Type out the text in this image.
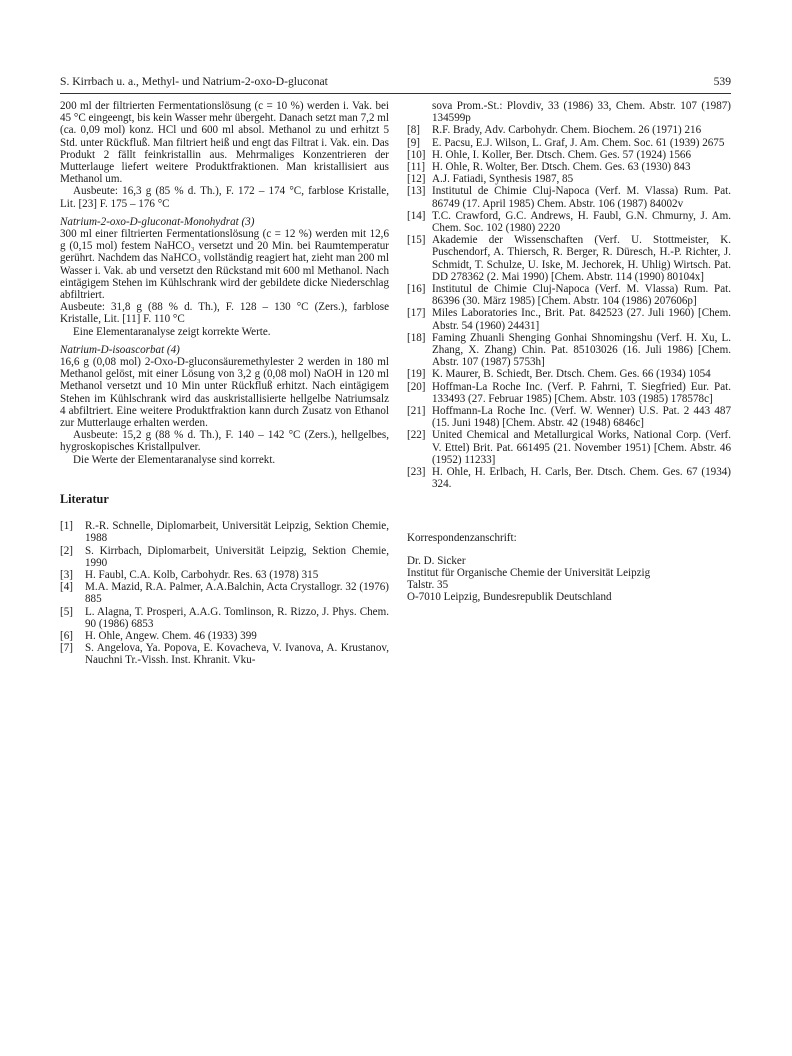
S. Kirrbach u. a., Methyl- und Natrium-2-oxo-D-gluconat	539

200 ml der filtrierten Fermentationslösung (c = 10 %) werden i. Vak. bei 45 °C eingeengt, bis kein Wasser mehr übergeht. Danach setzt man 7,2 ml (ca. 0,09 mol) konz. HCl und 600 ml absol. Methanol zu und erhitzt 5 Std. unter Rückfluß. Man filtriert heiß und engt das Filtrat i. Vak. ein. Das Produkt 2 fällt feinkristallin aus. Mehrmaliges Konzentrieren der Mutterlauge liefert weitere Produktfraktionen. Man kristallisiert aus Methanol um.

Ausbeute: 16,3 g (85 % d. Th.), F. 172 – 174 °C, farblose Kristalle, Lit. [23] F. 175 – 176 °C

Natrium-2-oxo-D-gluconat-Monohydrat (3)

300 ml einer filtrierten Fermentationslösung (c = 12 %) werden mit 12,6 g (0,15 mol) festem NaHCO₃ versetzt und 20 Min. bei Raumtemperatur gerührt. Nachdem das NaHCO₃ vollständig reagiert hat, zieht man 200 ml Wasser i. Vak. ab und versetzt den Rückstand mit 600 ml Methanol. Nach eintägigem Stehen im Kühlschrank wird der gebildete dicke Niederschlag abfiltriert.

Ausbeute: 31,8 g (88 % d. Th.), F. 128 – 130 °C (Zers.), farblose Kristalle, Lit. [11] F. 110 °C

Eine Elementaranalyse zeigt korrekte Werte.

Natrium-D-isoascorbat (4)

16,6 g (0,08 mol) 2-Oxo-D-gluconsäuremethylester 2 werden in 180 ml Methanol gelöst, mit einer Lösung von 3,2 g (0,08 mol) NaOH in 120 ml Methanol versetzt und 10 Min unter Rückfluß erhitzt. Nach eintägigem Stehen im Kühlschrank wird das auskristallisierte hellgelbe Natriumsalz 4 abfiltriert. Eine weitere Produktfraktion kann durch Zusatz von Ethanol zur Mutterlauge erhalten werden.

Ausbeute: 15,2 g (88 % d. Th.), F. 140 – 142 °C (Zers.), hellgelbes, hygroskopisches Kristallpulver.

Die Werte der Elementaranalyse sind korrekt.

Literatur
[1]	R.-R. Schnelle, Diplomarbeit, Universität Leipzig, Sektion Chemie, 1988
[2]	S. Kirrbach, Diplomarbeit, Universität Leipzig, Sektion Chemie, 1990
[3]	H. Faubl, C.A. Kolb, Carbohydr. Res. 63 (1978) 315
[4]	M.A. Mazid, R.A. Palmer, A.A.Balchin, Acta Crystallogr. 32 (1976) 885
[5]	L. Alagna, T. Prosperi, A.A.G. Tomlinson, R. Rizzo, J. Phys. Chem. 90 (1986) 6853
[6]	H. Ohle, Angew. Chem. 46 (1933) 399
[7]	S. Angelova, Ya. Popova, E. Kovacheva, V. Ivanova, A. Krustanov, Nauchni Tr.-Vissh. Inst. Khranit. Vku-
sova Prom.-St.: Plovdiv, 33 (1986) 33, Chem. Abstr. 107 (1987) 134599p
[8]	R.F. Brady, Adv. Carbohydr. Chem. Biochem. 26 (1971) 216
[9]	E. Pacsu, E.J. Wilson, L. Graf, J. Am. Chem. Soc. 61 (1939) 2675
[10] H. Ohle, I. Koller, Ber. Dtsch. Chem. Ges. 57 (1924) 1566
[11] H. Ohle, R. Wolter, Ber. Dtsch. Chem. Ges. 63 (1930) 843
[12] A.J. Fatiadi, Synthesis 1987, 85
[13] Institutul de Chimie Cluj-Napoca (Verf. M. Vlassa) Rum. Pat. 86749 (17. April 1985) Chem. Abstr. 106 (1987) 84002v
[14] T.C. Crawford, G.C. Andrews, H. Faubl, G.N. Chmurny, J. Am. Chem. Soc. 102 (1980) 2220
[15] Akademie der Wissenschaften (Verf. U. Stottmeister, K. Puschendorf, A. Thiersch, R. Berger, R. Düresch, H.-P. Richter, J. Schmidt, T. Schulze, U. Iske, M. Jechorek, H. Uhlig) Wirtsch. Pat. DD 278362 (2. Mai 1990) [Chem. Abstr. 114 (1990) 80104x]
[16] Institutul de Chimie Cluj-Napoca (Verf. M. Vlassa) Rum. Pat. 86396 (30. März 1985) [Chem. Abstr. 104 (1986) 207606p]
[17] Miles Laboratories Inc., Brit. Pat. 842523 (27. Juli 1960) [Chem. Abstr. 54 (1960) 24431]
[18] Faming Zhuanli Shenging Gonhai Shnomingshu (Verf. H. Xu, L. Zhang, X. Zhang) Chin. Pat. 85103026 (16. Juli 1986) [Chem. Abstr. 107 (1987) 5753h]
[19] K. Maurer, B. Schiedt, Ber. Dtsch. Chem. Ges. 66 (1934) 1054
[20] Hoffman-La Roche Inc. (Verf. P. Fahrni, T. Siegfried) Eur. Pat. 133493 (27. Februar 1985) [Chem. Abstr. 103 (1985) 178578c]
[21] Hoffmann-La Roche Inc. (Verf. W. Wenner) U.S. Pat. 2 443 487 (15. Juni 1948) [Chem. Abstr. 42 (1948) 6846c]
[22] United Chemical and Metallurgical Works, National Corp. (Verf. V. Ettel) Brit. Pat. 661495 (21. November 1951) [Chem. Abstr. 46 (1952) 11233]
[23] H. Ohle, H. Erlbach, H. Carls, Ber. Dtsch. Chem. Ges. 67 (1934) 324.
Korrespondenzanschrift:
Dr. D. Sicker
Institut für Organische Chemie der Universität Leipzig
Talstr. 35
O-7010 Leipzig, Bundesrepublik Deutschland
